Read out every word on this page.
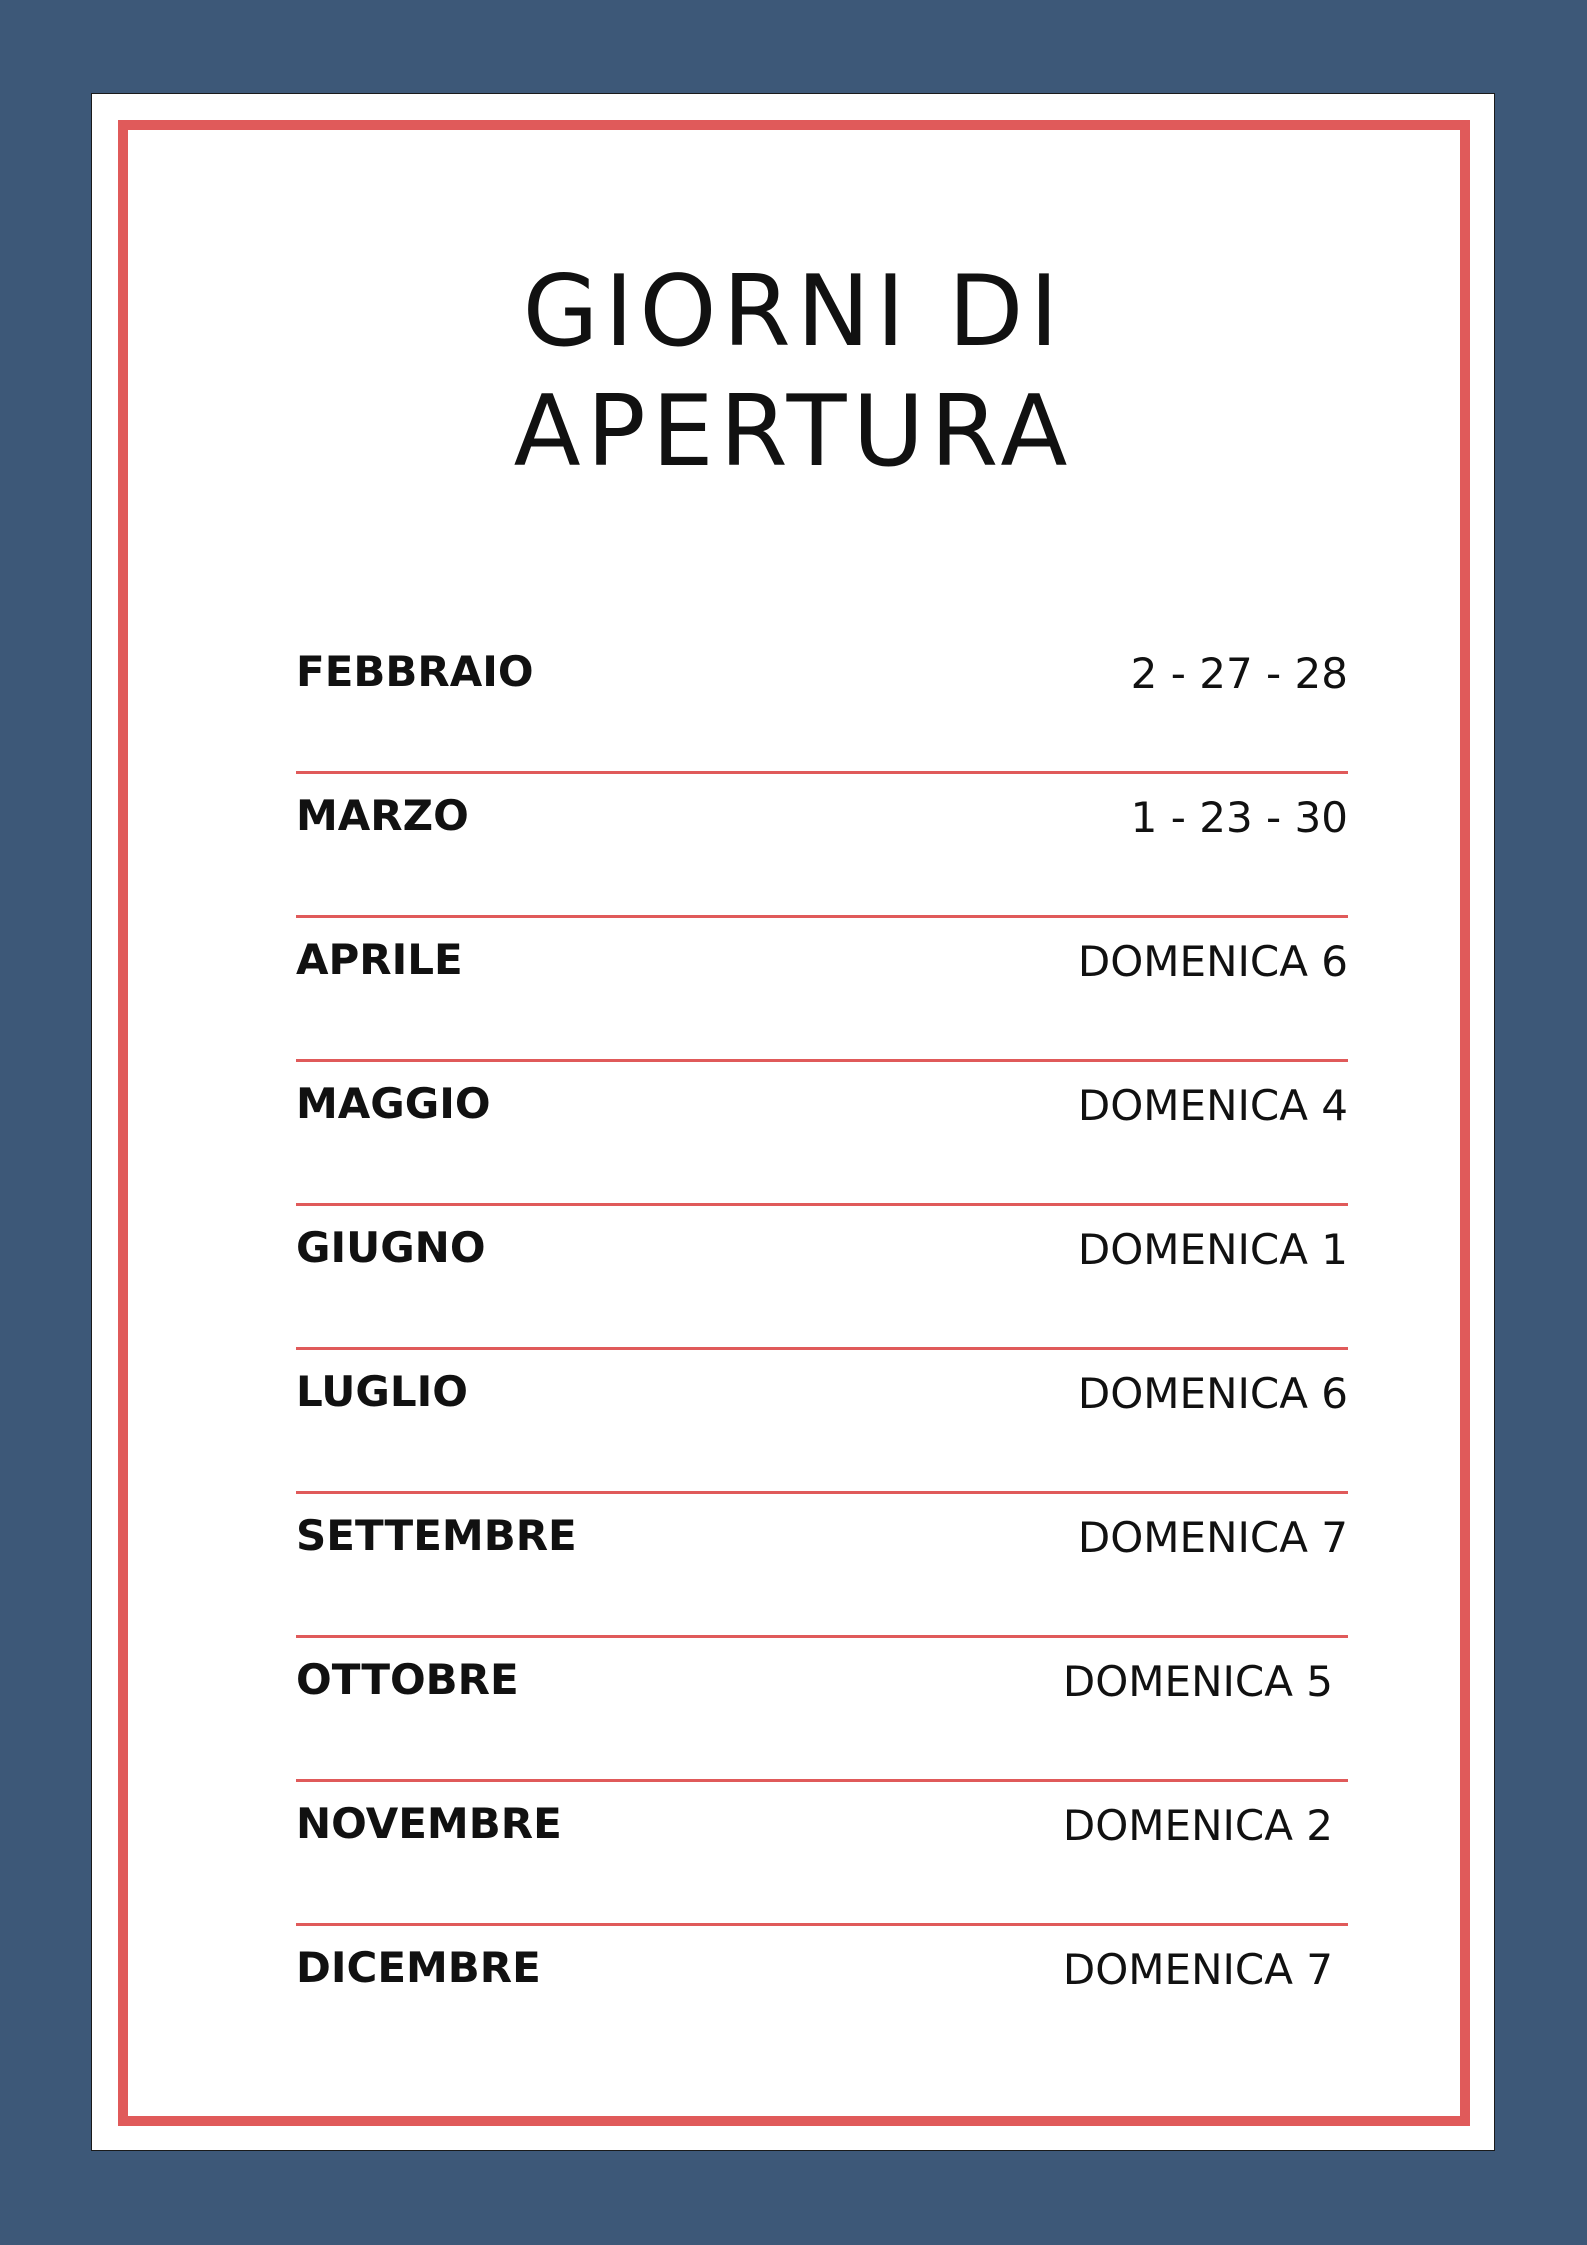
GIORNI DI
APERTURA
FEBBRAIO	2 - 27 - 28
MARZO	1 - 23 - 30
APRILE	DOMENICA 6
MAGGIO	DOMENICA 4
GIUGNO	DOMENICA 1
LUGLIO	DOMENICA 6
SETTEMBRE	DOMENICA 7
OTTOBRE	DOMENICA 5
NOVEMBRE	DOMENICA 2
DICEMBRE	DOMENICA 7
